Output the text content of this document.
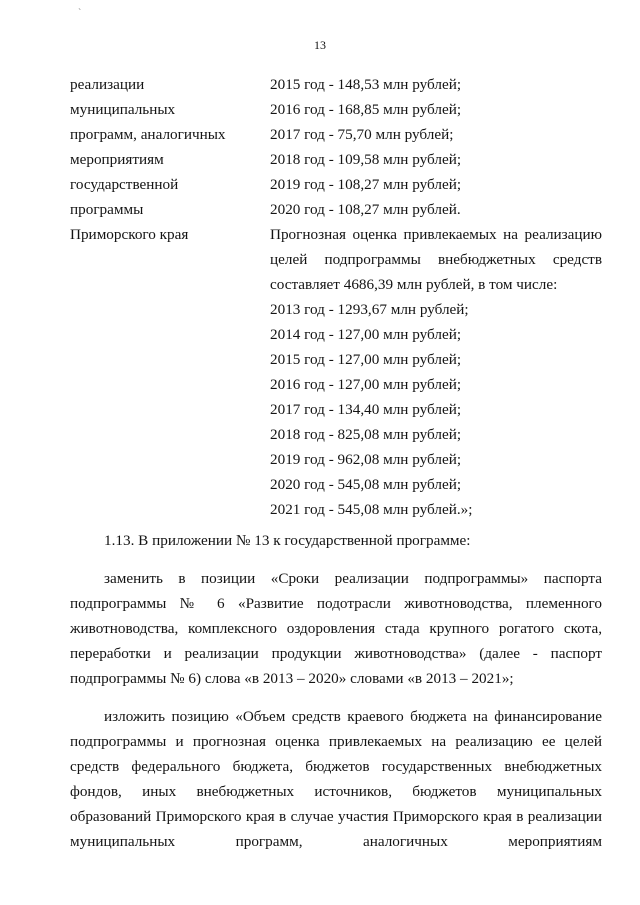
`
13
реализации	2015 год - 148,53 млн рублей;
муниципальных	2016 год - 168,85 млн рублей;
программ, аналогичных	2017 год - 75,70 млн рублей;
мероприятиям	2018 год - 109,58 млн рублей;
государственной	2019 год - 108,27 млн рублей;
программы	2020 год - 108,27 млн рублей.
Приморского края	Прогнозная оценка привлекаемых на реализацию
целей подпрограммы внебюджетных средств
составляет 4686,39 млн рублей, в том числе:
2013 год - 1293,67 млн рублей;
2014 год - 127,00 млн рублей;
2015 год - 127,00 млн рублей;
2016 год - 127,00 млн рублей;
2017 год - 134,40 млн рублей;
2018 год - 825,08 млн рублей;
2019 год - 962,08 млн рублей;
2020 год - 545,08 млн рублей;
2021 год - 545,08 млн рублей.»;

1.13. В приложении № 13 к государственной программе:

заменить в позиции «Сроки реализации подпрограммы» паспорта подпрограммы № 6 «Развитие подотрасли животноводства, племенного животноводства, комплексного оздоровления стада крупного рогатого скота, переработки и реализации продукции животноводства» (далее - паспорт подпрограммы № 6) слова «в 2013 – 2020» словами «в 2013 – 2021»;

изложить позицию «Объем средств краевого бюджета на финансирование подпрограммы и прогнозная оценка привлекаемых на реализацию ее целей средств федерального бюджета, бюджетов государственных внебюджетных фондов, иных внебюджетных источников, бюджетов муниципальных образований Приморского края в случае участия Приморского края в реализации муниципальных программ, аналогичных мероприятиям
